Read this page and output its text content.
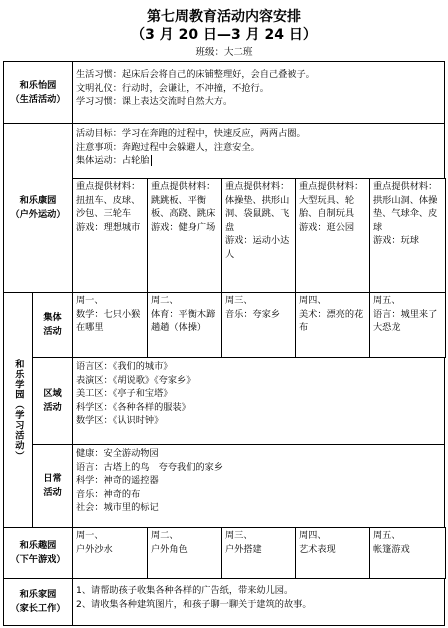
第七周教育活动内容安排
（3 月 20 日—3 月 24 日）
班级：大二班
和乐怡园
（生活活动）
生活习惯：起床后会将自己的床铺整理好，会自己叠被子。
文明礼仪：行动时，会谦让，不冲撞，不抢行。
学习习惯：课上表达交流时自然大方。
和乐康园
（户外运动）
活动目标：学习在奔跑的过程中，快速反应，两两占圈。
注意事项：奔跑过程中会躲避人，注意安全。
集体运动：占轮胎
重点提供材料：扭扭车、皮球、沙包、三轮车
游戏：理想城市
重点提供材料：跳跳板、平衡板、高跷、跳床
游戏：健身广场
重点提供材料：体操垫、拱形山洞、袋鼠跳、飞盘
游戏：运动小达人
重点提供材料：大型玩具、轮胎、自制玩具
游戏：逛公园
重点提供材料：拱形山洞、体操垫、气球伞、皮球
游戏：玩球
和乐学园（学习活动）
集体活动
周一、
数学：七只小猴在哪里
周二、
体育：平衡木蹄趟趟（体操）
周三、
音乐：夸家乡
周四、
美术：漂亮的花布
周五、
语言：城里来了大恐龙
区域活动
语言区：《我们的城市》
表演区：《胡说歌》《夸家乡》
美工区：《亭子和宝塔》
科学区：《各种各样的服装》
数学区：《认识时钟》
日常活动
健康：安全游动物园
语言：古塔上的鸟　夸夸我们的家乡
科学：神奇的遥控器
音乐：神奇的布
社会：城市里的标记
和乐趣园
（下午游戏）
周一、
户外沙水
周二、
户外角色
周三、
户外搭建
周四、
艺术表现
周五、
帐篷游戏
和乐家园
（家长工作）
1、请帮助孩子收集各种各样的广告纸，带来幼儿园。
2、请收集各种建筑图片，和孩子聊一聊关于建筑的故事。
